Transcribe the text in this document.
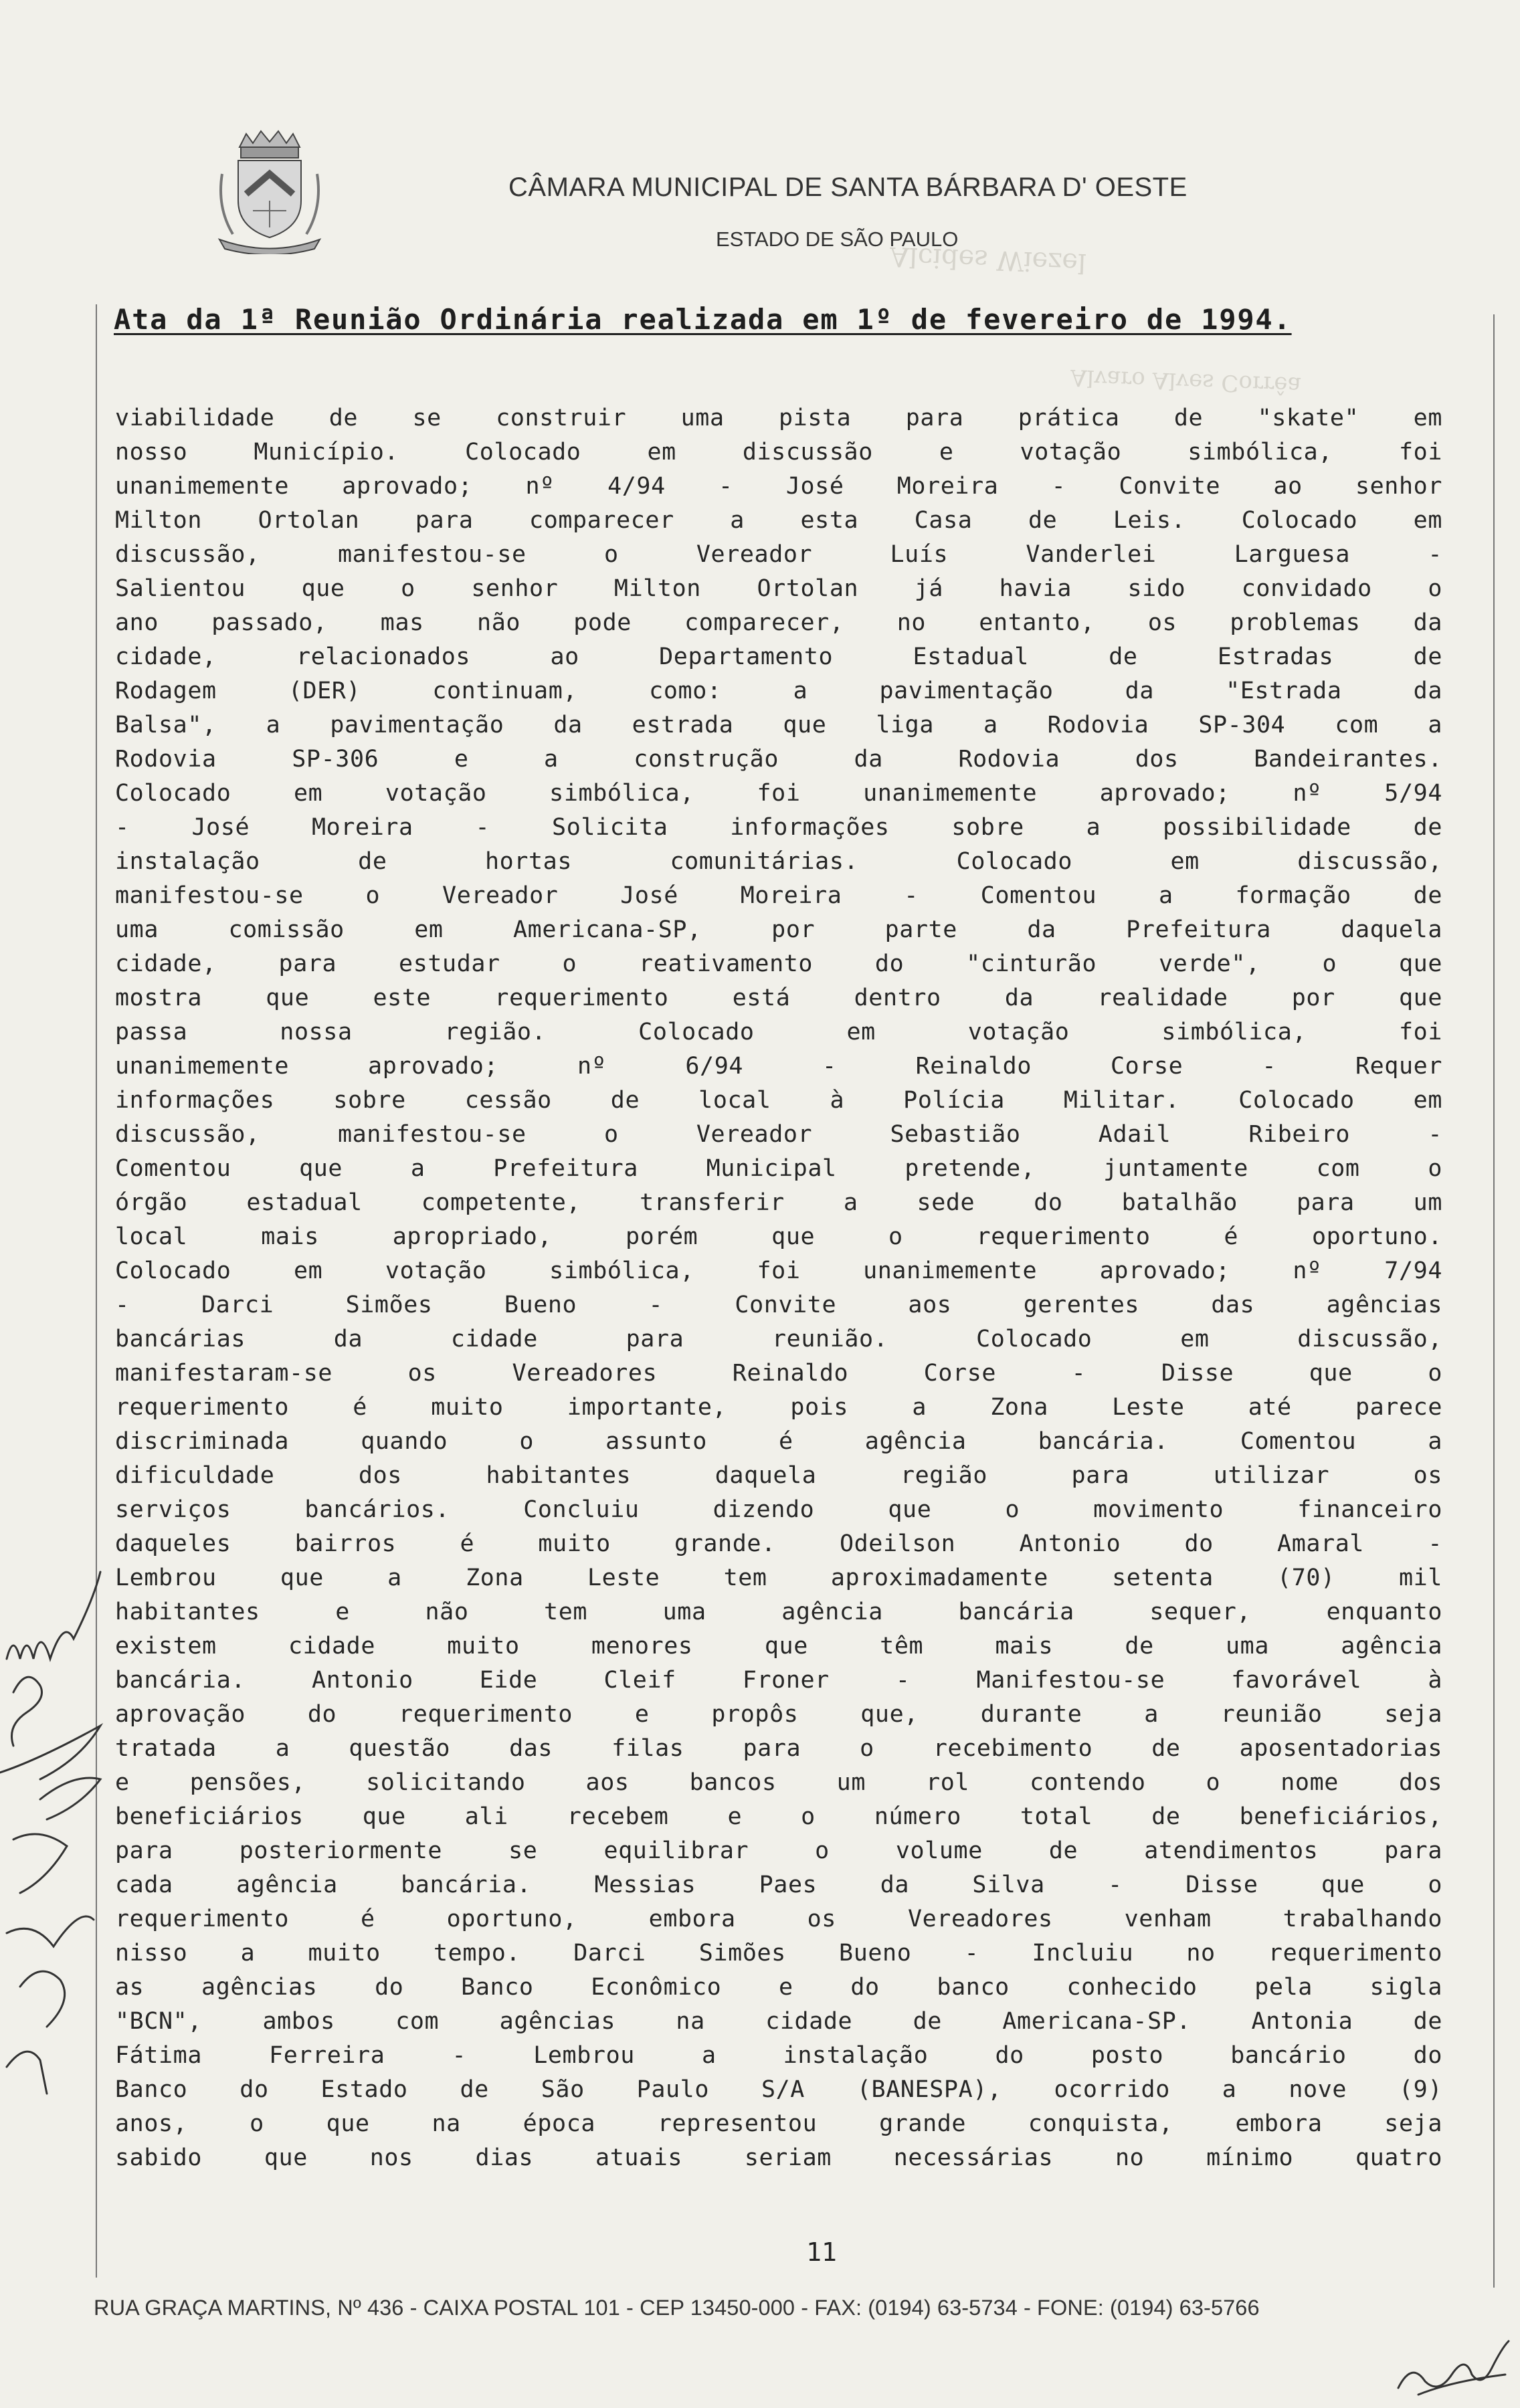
Alcides Wiezel
Alvaro Alves Corrêa
CÂMARA MUNICIPAL DE SANTA BÁRBARA D' OESTE
ESTADO DE SÃO PAULO
Ata da 1ª Reunião Ordinária realizada em 1º de fevereiro de 1994.
viabilidade de se construir uma pista para prática de "skate" em
nosso Município. Colocado em discussão e votação simbólica, foi
unanimemente aprovado; nº 4/94 - José Moreira - Convite ao senhor
Milton Ortolan para comparecer a esta Casa de Leis. Colocado em
discussão, manifestou-se o Vereador Luís Vanderlei Larguesa -
Salientou que o senhor Milton Ortolan já havia sido convidado o
ano passado, mas não pode comparecer, no entanto, os problemas da
cidade, relacionados ao Departamento Estadual de Estradas de
Rodagem (DER) continuam, como: a pavimentação da "Estrada da
Balsa", a pavimentação da estrada que liga a Rodovia SP-304 com a
Rodovia SP-306 e a construção da Rodovia dos Bandeirantes.
Colocado em votação simbólica, foi unanimemente aprovado; nº 5/94
- José Moreira - Solicita informações sobre a possibilidade de
instalação de hortas comunitárias. Colocado em discussão,
manifestou-se o Vereador José Moreira - Comentou a formação de
uma comissão em Americana-SP, por parte da Prefeitura daquela
cidade, para estudar o reativamento do "cinturão verde", o que
mostra que este requerimento está dentro da realidade por que
passa nossa região. Colocado em votação simbólica, foi
unanimemente aprovado; nº 6/94 - Reinaldo Corse - Requer
informações sobre cessão de local à Polícia Militar. Colocado em
discussão, manifestou-se o Vereador Sebastião Adail Ribeiro -
Comentou que a Prefeitura Municipal pretende, juntamente com o
órgão estadual competente, transferir a sede do batalhão para um
local mais apropriado, porém que o requerimento é oportuno.
Colocado em votação simbólica, foi unanimemente aprovado; nº 7/94
- Darci Simões Bueno - Convite aos gerentes das agências
bancárias da cidade para reunião. Colocado em discussão,
manifestaram-se os Vereadores Reinaldo Corse - Disse que o
requerimento é muito importante, pois a Zona Leste até parece
discriminada quando o assunto é agência bancária. Comentou a
dificuldade dos habitantes daquela região para utilizar os
serviços bancários. Concluiu dizendo que o movimento financeiro
daqueles bairros é muito grande. Odeilson Antonio do Amaral -
Lembrou que a Zona Leste tem aproximadamente setenta (70) mil
habitantes e não tem uma agência bancária sequer, enquanto
existem cidade muito menores que têm mais de uma agência
bancária. Antonio Eide Cleif Froner - Manifestou-se favorável à
aprovação do requerimento e propôs que, durante a reunião seja
tratada a questão das filas para o recebimento de aposentadorias
e pensões, solicitando aos bancos um rol contendo o nome dos
beneficiários que ali recebem e o número total de beneficiários,
para posteriormente se equilibrar o volume de atendimentos para
cada agência bancária. Messias Paes da Silva - Disse que o
requerimento é oportuno, embora os Vereadores venham trabalhando
nisso a muito tempo. Darci Simões Bueno - Incluiu no requerimento
as agências do Banco Econômico e do banco conhecido pela sigla
"BCN", ambos com agências na cidade de Americana-SP. Antonia de
Fátima Ferreira - Lembrou a instalação do posto bancário do
Banco do Estado de São Paulo S/A (BANESPA), ocorrido a nove (9)
anos, o que na época representou grande conquista, embora seja
sabido que nos dias atuais seriam necessárias no mínimo quatro
11
RUA GRAÇA MARTINS, Nº 436 - CAIXA POSTAL 101 - CEP 13450-000 - FAX: (0194) 63-5734 - FONE: (0194) 63-5766
